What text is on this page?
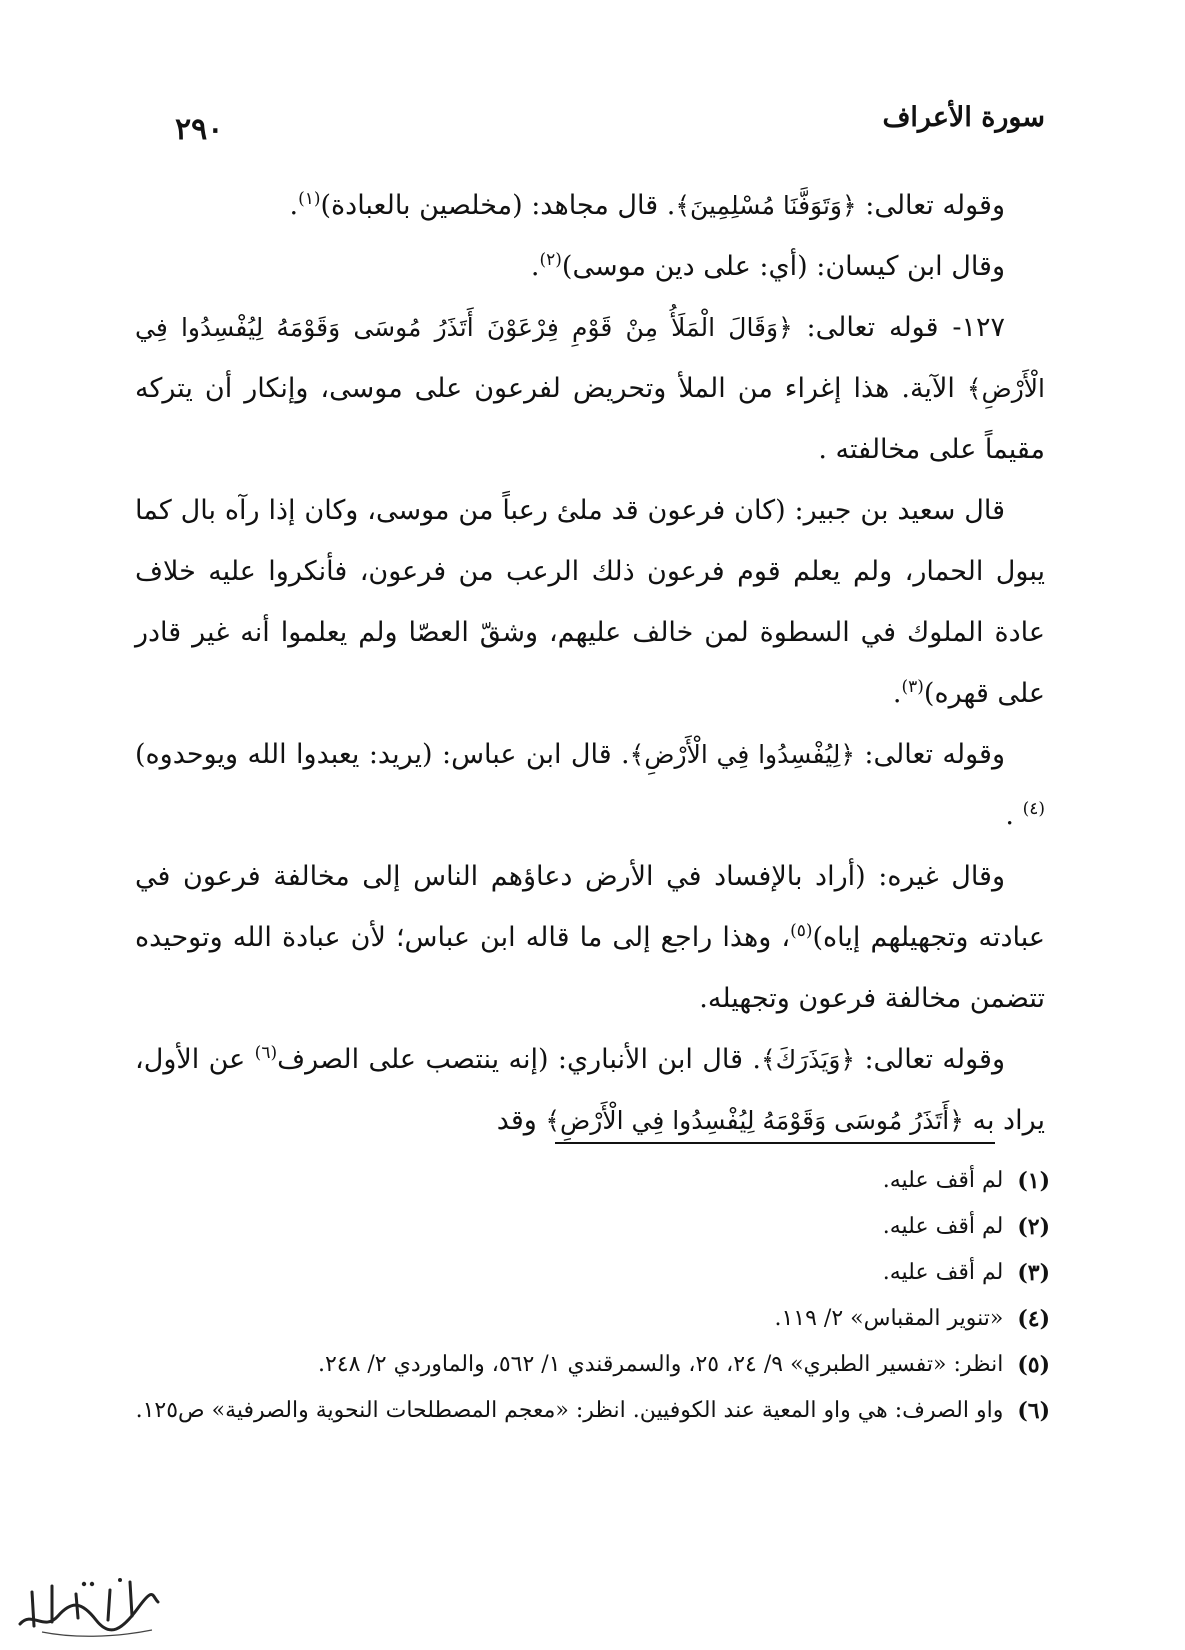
سورة الأعراف
٢٩٠

وقوله تعالى: ﴿وَتَوَفَّنَا مُسْلِمِينَ﴾. قال مجاهد: (مخلصين بالعبادة)$^{(١)}$.

وقال ابن كيسان: (أي: على دين موسى)$^{(٢)}$.

١٢٧- قوله تعالى: ﴿وَقَالَ الْمَلَأُ مِنْ قَوْمِ فِرْعَوْنَ أَتَذَرُ مُوسَى وَقَوْمَهُ لِيُفْسِدُوا فِي الْأَرْضِ﴾ الآية. هذا إغراء من الملأ وتحريض لفرعون على موسى، وإنكار أن يتركه مقيماً على مخالفته .

قال سعيد بن جبير: (كان فرعون قد ملئ رعباً من موسى، وكان إذا رآه بال كما يبول الحمار، ولم يعلم قوم فرعون ذلك الرعب من فرعون، فأنكروا عليه خلاف عادة الملوك في السطوة لمن خالف عليهم، وشقّ العصّا ولم يعلموا أنه غير قادر على قهره)$^{(٣)}$.

وقوله تعالى: ﴿لِيُفْسِدُوا فِي الْأَرْضِ﴾. قال ابن عباس: (يريد: يعبدوا الله ويوحدوه)$^{(٤)}$ .

وقال غيره: (أراد بالإفساد في الأرض دعاؤهم الناس إلى مخالفة فرعون في عبادته وتجهيلهم إياه)$^{(٥)}$، وهذا راجع إلى ما قاله ابن عباس؛ لأن عبادة الله وتوحيده تتضمن مخالفة فرعون وتجهيله.

وقوله تعالى: ﴿وَيَذَرَكَ﴾. قال ابن الأنباري: (إنه ينتصب على الصرف$^{(٦)}$ عن الأول، يراد به ﴿أَتَذَرُ مُوسَى وَقَوْمَهُ لِيُفْسِدُوا فِي الْأَرْضِ﴾ وقد

(١)
لم أقف عليه.
(٢)
لم أقف عليه.
(٣)
لم أقف عليه.
(٤)
«تنوير المقباس» ٢/ ١١٩.
(٥)
انظر: «تفسير الطبري» ٩/ ٢٤، ٢٥، والسمرقندي ١/ ٥٦٢، والماوردي ٢/ ٢٤٨.
(٦)
واو الصرف: هي واو المعية عند الكوفيين. انظر: «معجم المصطلحات النحوية والصرفية» ص١٢٥.
